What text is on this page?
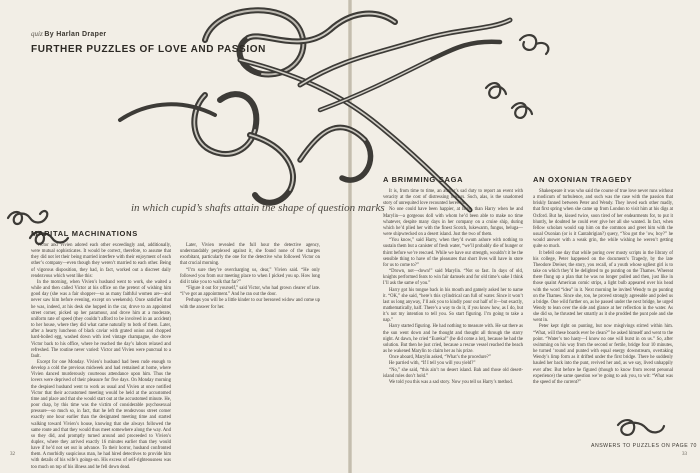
quiz By Harlan Draper
FURTHER PUZZLES OF LOVE AND PASSION
in which cupid’s shafts attain the shape of question marks
MARITAL MACHINATIONS

Victor and Vivien adored each other exceedingly and, additionally, were mutual sophisticates. It would be correct, therefore, to assume that they did not let their being married interfere with their enjoyment of each other’s company—even though they weren’t married to each other. Being of vigorous disposition, they had, in fact, worked out a discreet daily rendezvous which went like this:

In the morning, when Vivien’s husband went to work, she waited a while and then called Victor at his office on the pretext of wishing him good day (she was a fair shopper—so as many faithful women are—and never saw him before evening, except on weekends). Once satisfied that he was, indeed, at his desk she hopped in the car, drove to an appointed street corner, picked up her paramour, and drove him at a moderate, uniform rate of speed (they couldn’t afford to be involved in an accident) to her house, where they did what came naturally to both of them. Later, after a hearty luncheon of black caviar with grated onion and chopped hard-boiled egg, washed down with iced vintage champagne, she drove Victor back to his office, where he reached the day’s labors relaxed and refreshed. The routine never varied: Victor and Vivien were punctual to a fault.

Except for one Monday. Vivien’s husband had been rude enough to develop a cold the previous midweek and had remained at home, where Vivien danced murderously courteous attendance upon him. Thus the lovers were deprived of their pleasure for five days. On Monday morning the despised husband went to work as usual and Vivien at once notified Victor that their accustomed meeting would be held at the accustomed time and place and that she would start out at the accustomed minute. He, poor chap, by this time was the victim of considerable psychosexual pressure—so much so, in fact, that he left the rendezvous street corner exactly one hour earlier than the designated meeting time and started walking toward Vivien’s house, knowing that she always followed the same route and that they would thus meet somewhere along the way. And so they did, and promptly turned around and proceeded to Vivien’s duplex, where they arrived exactly 16 minutes earlier than they would have if he’d not set out in advance. To their horror, husband confronted them. A morbidly suspicious man, he had hired detectives to provide him with details of his wife’s goings-on. His excess of self-righteousness was too much on top of his illness and he fell down dead.

Later, Vivien revealed the full hour the detective agency, understandably perplexed against it, she found none of the charges exorbitant, particularly the one for the detective who followed Victor on that crucial morning.

“I’m sure they’re overcharging us, dear,” Vivien said. “He only followed you from our meeting place to when I picked you up. How long did it take you to walk that far?”

“Figure it out for yourself,” said Victor, who had grown clearer of late. “I’ve got an appointment.” And he ran out the door.

Perhaps you will be a little kinder to our bereaved widow and come up with the answer for her.

A BRIMMING SAGA

It is, from time to time, an author’s sad duty to report an event with veracity at the cost of distressing readers. Such, alas, is the unadorned story of unrequited love recounted herewith.

No one could have been happier, at heart, than Harry when he and Marylin—a gorgeous doll with whom he’d been able to make no time whatever, despite many days in her company on a cruise ship, during which he’d plied her with the finest Scotch, lukewarm, fungus, beluga—were shipwrecked on a desert island. Just the two of them.

“You know,” said Harry, when they’d swum ashore with nothing to sustain them but a canister of fresh water, “we’ll probably die of hunger or thirst before we’re rescued. While we have our strength, wouldn’t it be the sensible thing to have of the pleasures that short lives will have in store for us to come to?”

“Drown, not—down!” said Marylin. “Not so fast. In days of old, knights performed feats to win fair damsels and for old time’s sake I think I’ll ask the same of you.”

Harry got his tongue back in his mouth and gamely asked her to name it. “OK,” she said, “here’s this cylindrical can full of water. Since it won’t last us long anyway, I’ll ask you to kindly pour out half of it—but exactly, mathematically, half. There’s a way to do it, if you know how, as I do, but it’s not my intention to tell you. So start figuring. I’m going to take a nap.”

Harry started figuring. He had nothing to measure with. He sat there as the sun went down and he thought and thought all through the starry night. At dawn, he cried “Eureka!” (he did come a lot), because he had the solution. But then he just cried, because a rescue vessel reached the beach as he wakened Marylin to claim her as his prize.

Once aboard, Marylin asked, “What’s the procedure?”

He parried with, “If I tell you will you yield?”

“No,” she said, “this ain’t no desert island. Bah and those old desert-island rules don’t hold.”

We told you this was a sad story. Now you tell us Harry’s method.

AN OXONIAN TRAGEDY

Shakespeare it was who said the course of true love never runs without a modicum of turbulence, and such was the case with the passion that briskly fanned between Peter and Wendy. They loved each other madly, that first spring when she came up from London to visit him at his digs at Oxford. But he, kissed twice, soon tired of her endearments for, to put it bluntly, he doubted he could ever give her all she wanted. In fact, when fellow scholars would sup him on the common and greet him with the usual Oxonian (or is it Cantabrigian?) query, “You got the ’ow, boy?” he would answer with a weak grin, the while wishing he weren’t getting quite so much.

It befell one day that while poring over musty scripts in the library of his college, Peter happened on the document’s Tragedy, by the late Theodore Dreiser, the story, you recall, of a youth whose ugliest girl is to take on which they’d be delighted to go punting on the Thames. Whereat there flung up a plan that he was no longer pulled and then, just like in those quaint American comic strips, a light bulb appeared over his head with the word “idea” in it. Next morning he invited Wendy to go punting on the Thames. Since she, too, he proved strongly agreeable and poled us a bridge. One wild further on, as he passed under the next bridge, he urged Wendy to lean over the side and glance at her reflection in the water. As she did so, he thrusted her smartly as it she prodded the punt pole and she went in.

Peter kept right on punting, but now misgivings stirred within him. “What, will these boards ever be clean?” he asked himself and went to the point. “Water’s too hasty—I know no one will burst in on us.” So, after swimming on his way from the second or fertile, bridge four 10 minutes, he turned ’round and punted with equal energy downstream, overtaking Wendy’s limp form as it drifted under the first bridge. There he suddenly hauled her back into the punt, revived her and, as we say, lived unhappily ever after. But before he figured (though to know from recent personal experience) the same question we’re going to ask you, to wit: “What was the speed of the current?”

ANSWERS TO PUZZLES ON PAGE 70
32	33
